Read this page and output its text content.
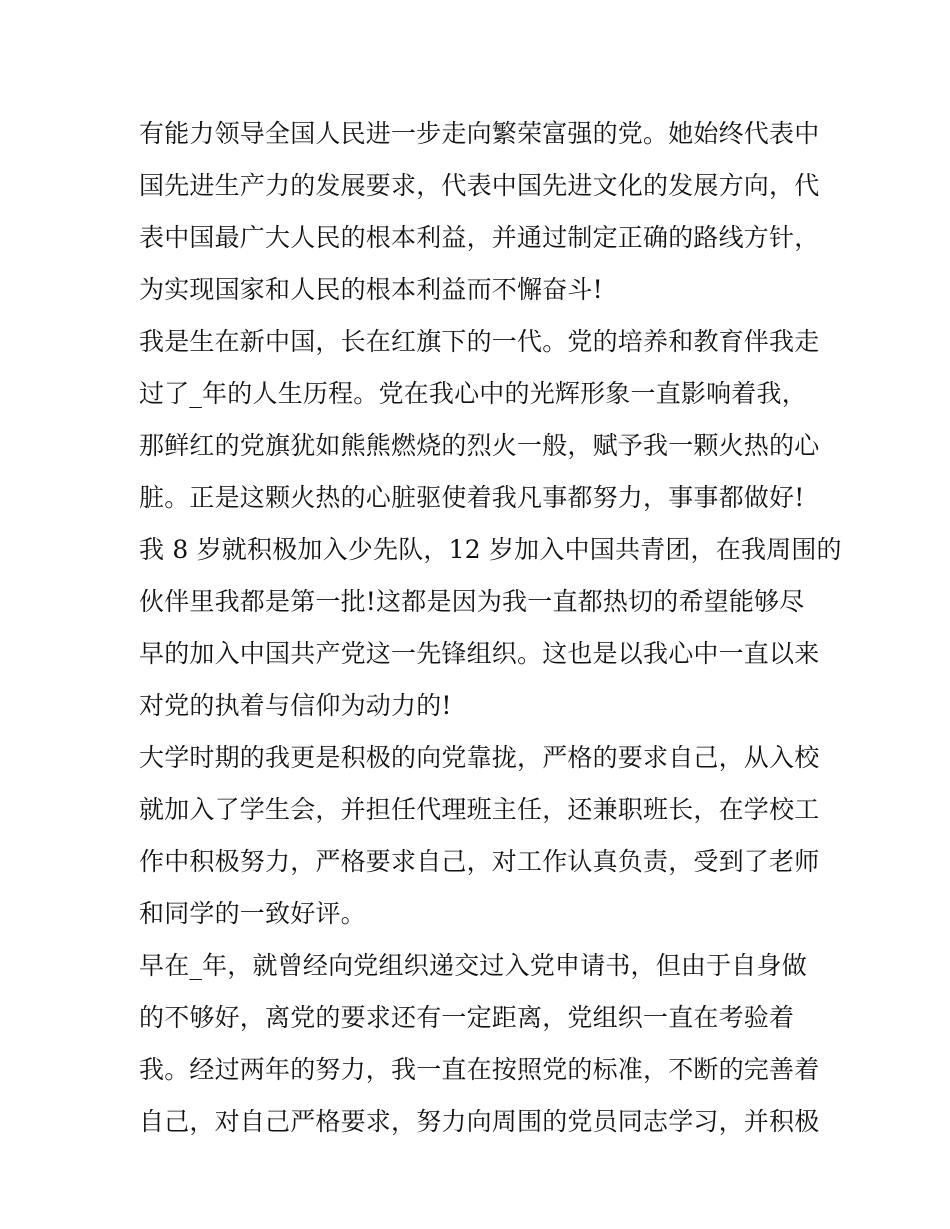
有能力领导全国人民进一步走向繁荣富强的党。她始终代表中
国先进生产力的发展要求，代表中国先进文化的发展方向，代
表中国最广大人民的根本利益，并通过制定正确的路线方针，
为实现国家和人民的根本利益而不懈奋斗!
我是生在新中国，长在红旗下的一代。党的培养和教育伴我走
过了_年的人生历程。党在我心中的光辉形象一直影响着我，
那鲜红的党旗犹如熊熊燃烧的烈火一般，赋予我一颗火热的心
脏。正是这颗火热的心脏驱使着我凡事都努力，事事都做好!
我 8 岁就积极加入少先队，12 岁加入中国共青团，在我周围的
伙伴里我都是第一批!这都是因为我一直都热切的希望能够尽
早的加入中国共产党这一先锋组织。这也是以我心中一直以来
对党的执着与信仰为动力的!
大学时期的我更是积极的向党靠拢，严格的要求自己，从入校
就加入了学生会，并担任代理班主任，还兼职班长，在学校工
作中积极努力，严格要求自己，对工作认真负责，受到了老师
和同学的一致好评。
早在_年，就曾经向党组织递交过入党申请书，但由于自身做
的不够好，离党的要求还有一定距离，党组织一直在考验着
我。经过两年的努力，我一直在按照党的标准，不断的完善着
自己，对自己严格要求，努力向周围的党员同志学习，并积极
